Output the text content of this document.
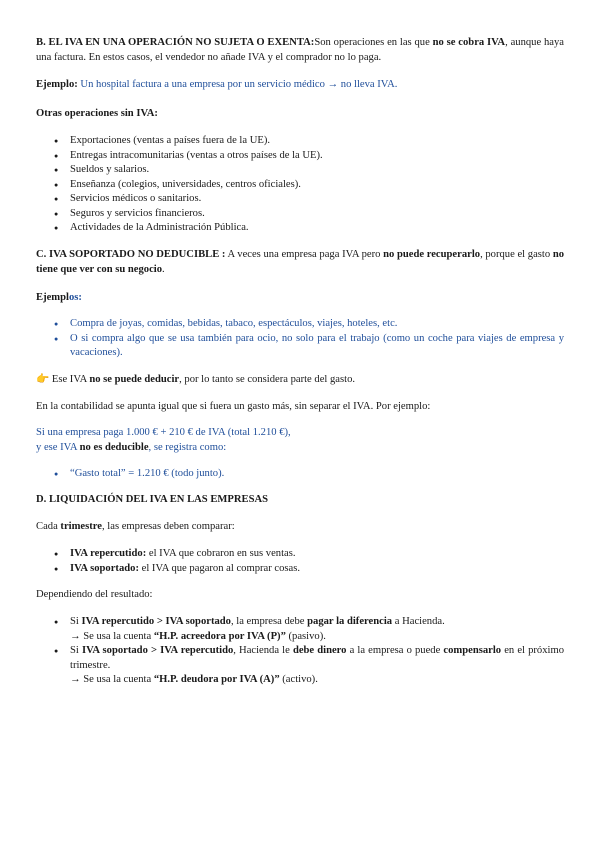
B. EL IVA EN UNA OPERACIÓN NO SUJETA O EXENTA:Son operaciones en las que no se cobra IVA, aunque haya una factura. En estos casos, el vendedor no añade IVA y el comprador no lo paga.

Ejemplo: Un hospital factura a una empresa por un servicio médico → no lleva IVA.

Otras operaciones sin IVA:

● Exportaciones (ventas a países fuera de la UE).
● Entregas intracomunitarias (ventas a otros países de la UE).
● Sueldos y salarios.
● Enseñanza (colegios, universidades, centros oficiales).
● Servicios médicos o sanitarios.
● Seguros y servicios financieros.
● Actividades de la Administración Pública.

C. IVA SOPORTADO NO DEDUCIBLE : A veces una empresa paga IVA pero no puede recuperarlo, porque el gasto no tiene que ver con su negocio.

Ejemplos:

● Compra de joyas, comidas, bebidas, tabaco, espectáculos, viajes, hoteles, etc.
● O si compra algo que se usa también para ocio, no solo para el trabajo (como un coche para viajes de empresa y vacaciones).

👉 Ese IVA no se puede deducir, por lo tanto se considera parte del gasto.

En la contabilidad se apunta igual que si fuera un gasto más, sin separar el IVA. Por ejemplo:

Si una empresa paga 1.000 € + 210 € de IVA (total 1.210 €),
y ese IVA no es deducible, se registra como:

● “Gasto total” = 1.210 € (todo junto).

D. LIQUIDACIÓN DEL IVA EN LAS EMPRESAS

Cada trimestre, las empresas deben comparar:

● IVA repercutido: el IVA que cobraron en sus ventas.
● IVA soportado: el IVA que pagaron al comprar cosas.

Dependiendo del resultado:

● Si IVA repercutido > IVA soportado, la empresa debe pagar la diferencia a Hacienda.
→ Se usa la cuenta “H.P. acreedora por IVA (P)” (pasivo).
● Si IVA soportado > IVA repercutido, Hacienda le debe dinero a la empresa o puede compensarlo en el próximo trimestre.
→ Se usa la cuenta “H.P. deudora por IVA (A)” (activo).
